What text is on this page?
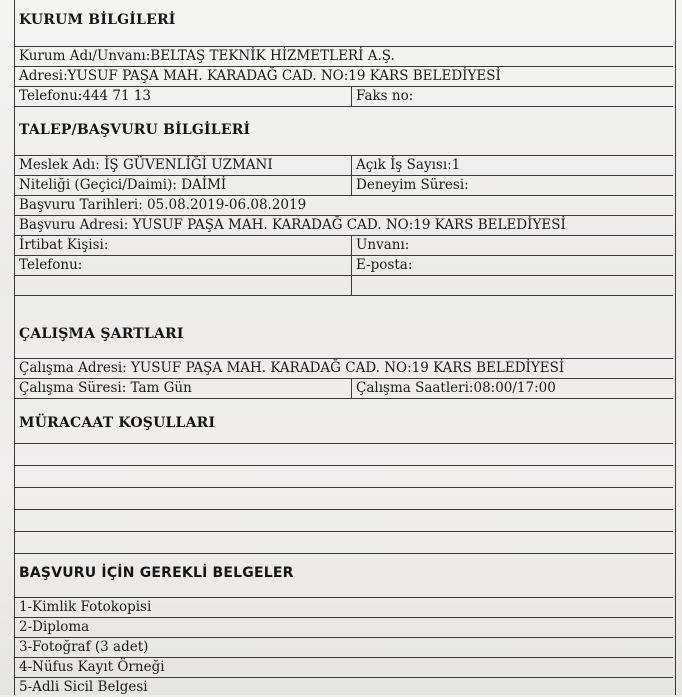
KURUM BİLGİLERİ
Kurum Adı/Unvanı:BELTAŞ TEKNİK HİZMETLERİ A.Ş.
Adresi:YUSUF PAŞA MAH. KARADAĞ CAD. NO:19 KARS BELEDİYESİ
Telefonu:444 71 13	Faks no:
TALEP/BAŞVURU BİLGİLERİ
Meslek Adı: İŞ GÜVENLİĞİ UZMANI	Açık İş Sayısı:1
Niteliği (Geçici/Daimi): DAİMİ	Deneyim Süresi:
Başvuru Tarihleri: 05.08.2019-06.08.2019
Başvuru Adresi: YUSUF PAŞA MAH. KARADAĞ CAD. NO:19 KARS BELEDİYESİ
İrtibat Kişisi:	Unvanı:
Telefonu:	E-posta:
ÇALIŞMA ŞARTLARI
Çalışma Adresi: YUSUF PAŞA MAH. KARADAĞ CAD. NO:19 KARS BELEDİYESİ
Çalışma Süresi: Tam Gün	Çalışma Saatleri:08:00/17:00
MÜRACAAT KOŞULLARI
BAŞVURU İÇİN GEREKLİ BELGELER
1-Kimlik Fotokopisi
2-Diploma
3-Fotoğraf (3 adet)
4-Nüfus Kayıt Örneği
5-Adli Sicil Belgesi
